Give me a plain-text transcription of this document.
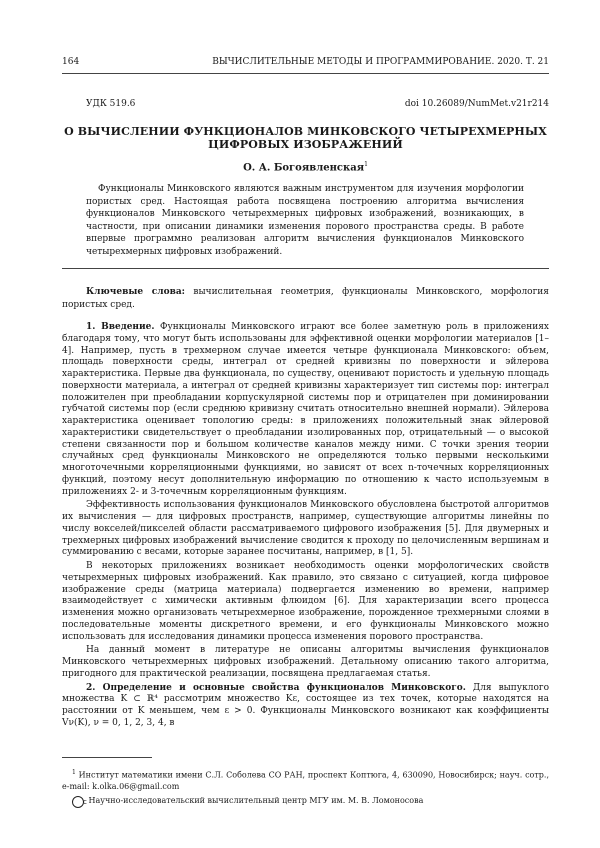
164	ВЫЧИСЛИТЕЛЬНЫЕ МЕТОДЫ И ПРОГРАММИРОВАНИЕ. 2020. Т. 21
УДК 519.6	doi 10.26089/NumMet.v21r214
О ВЫЧИСЛЕНИИ ФУНКЦИОНАЛОВ МИНКОВСКОГО ЧЕТЫРЕХМЕРНЫХ
ЦИФРОВЫХ ИЗОБРАЖЕНИЙ
О. А. Богоявленская$^1$

Функционалы Минковского являются важным инструментом для изучения морфологии пористых сред. Настоящая работа посвящена построению алгоритма вычисления функционалов Минковского четырехмерных цифровых изображений, возникающих, в частности, при описании динамики изменения порового пространства среды. В работе впервые программно реализован алгоритм вычисления функционалов Минковского четырехмерных цифровых изображений.

Ключевые слова: вычислительная геометрия, функционалы Минковского, морфология пористых сред.

1. Введение. Функционалы Минковского играют все более заметную роль в приложениях благодаря тому, что могут быть использованы для эффективной оценки морфологии материалов [1–4]. Например, пусть в трехмерном случае имеется четыре функционала Минковского: объем, площадь поверхности среды, интеграл от средней кривизны по поверхности и эйлерова характеристика. Первые два функционала, по существу, оценивают пористость и удельную площадь поверхности материала, а интеграл от средней кривизны характеризует тип системы пор: интеграл положителен при преобладании корпускулярной системы пор и отрицателен при доминировании губчатой системы пор (если среднюю кривизну считать относительно внешней нормали). Эйлерова характеристика оценивает топологию среды: в приложениях положительный знак эйлеровой характеристики свидетельствует о преобладании изолированных пор, отрицательный — о высокой степени связанности пор и большом количестве каналов между ними. С точки зрения теории случайных сред функционалы Минковского не определяются только первыми несколькими многоточечными корреляционными функциями, но зависят от всех n-точечных корреляционных функций, поэтому несут дополнительную информацию по отношению к часто используемым в приложениях 2- и 3-точечным корреляционным функциям.

Эффективность использования функционалов Минковского обусловлена быстротой алгоритмов их вычисления — для цифровых пространств, например, существующие алгоритмы линейны по числу вокселей/пикселей области рассматриваемого цифрового изображения [5]. Для двумерных и трехмерных цифровых изображений вычисление сводится к проходу по целочисленным вершинам и суммированию с весами, которые заранее посчитаны, например, в [1, 5].

В некоторых приложениях возникает необходимость оценки морфологических свойств четырехмерных цифровых изображений. Как правило, это связано с ситуацией, когда цифровое изображение среды (матрица материала) подвергается изменению во времени, например взаимодействует с химически активным флюидом [6]. Для характеризации всего процесса изменения можно организовать четырехмерное изображение, порожденное трехмерными слоями в последовательные моменты дискретного времени, и его функционалы Минковского можно использовать для исследования динамики процесса изменения порового пространства.

На данный момент в литературе не описаны алгоритмы вычисления функционалов Минковского четырехмерных цифровых изображений. Детальному описанию такого алгоритма, пригодного для практической реализации, посвящена предлагаемая статья.

2. Определение и основные свойства функционалов Минковского. Для выпуклого множества K ⊂ ℝ⁴ рассмотрим множество Kε, состоящее из тех точек, которые находятся на расстоянии от K меньшем, чем ε > 0. Функционалы Минковского возникают как коэффициенты Vν(K), ν = 0, 1, 2, 3, 4, в

$^1$ Институт математики имени С.Л. Соболева СО РАН, проспект Коптюга, 4, 630090, Новосибирск; науч. сотр., e-mail: k.olka.06@gmail.com

c Научно-исследовательский вычислительный центр МГУ им. М. В. Ломоносова
